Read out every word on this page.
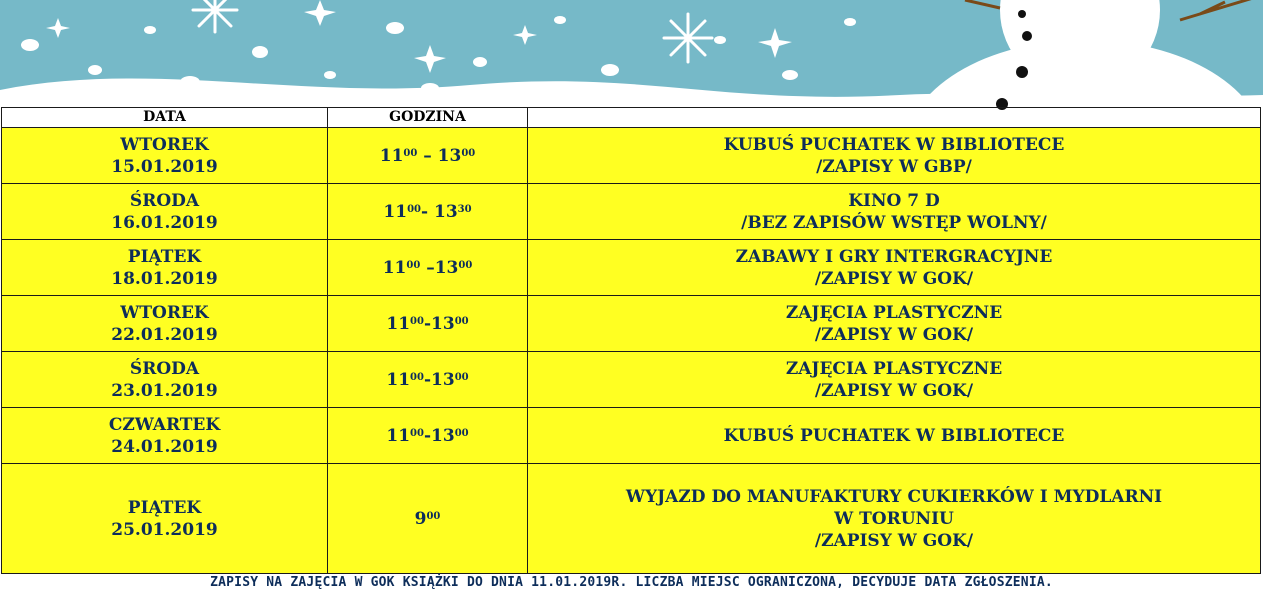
DATA	GODZINA	

WTOREK
15.01.2019	$11^{00} - 13^{00}$	KUBUŚ PUCHATEK W BIBLIOTECE
/ZAPISY W GBP/

ŚRODA
16.01.2019	$11^{00}-$ $13^{30}$	KINO 7 D
/BEZ ZAPISÓW WSTĘP WOLNY/

PIĄTEK
18.01.2019	$11^{00}$ $-13^{00}$	ZABAWY I GRY INTERGRACYJNE
/ZAPISY W GOK/

WTOREK
22.01.2019	$11^{00}-13^{00}$	ZAJĘCIA PLASTYCZNE
/ZAPISY W GOK/

ŚRODA
23.01.2019	$11^{00}-13^{00}$	ZAJĘCIA PLASTYCZNE
/ZAPISY W GOK/

CZWARTEK
24.01.2019	$11^{00}-13^{00}$	KUBUŚ PUCHATEK W BIBLIOTECE

PIĄTEK
25.01.2019	$9^{00}$	WYJAZD DO MANUFAKTURY CUKIERKÓW I MYDLARNI
W TORUNIU
/ZAPISY W GOK/
ZAPISY NA ZAJĘCIA W GOK KSIĄŻKI DO DNIA 11.01.2019R. LICZBA MIEJSC OGRANICZONA, DECYDUJE DATA ZGŁOSZENIA.
